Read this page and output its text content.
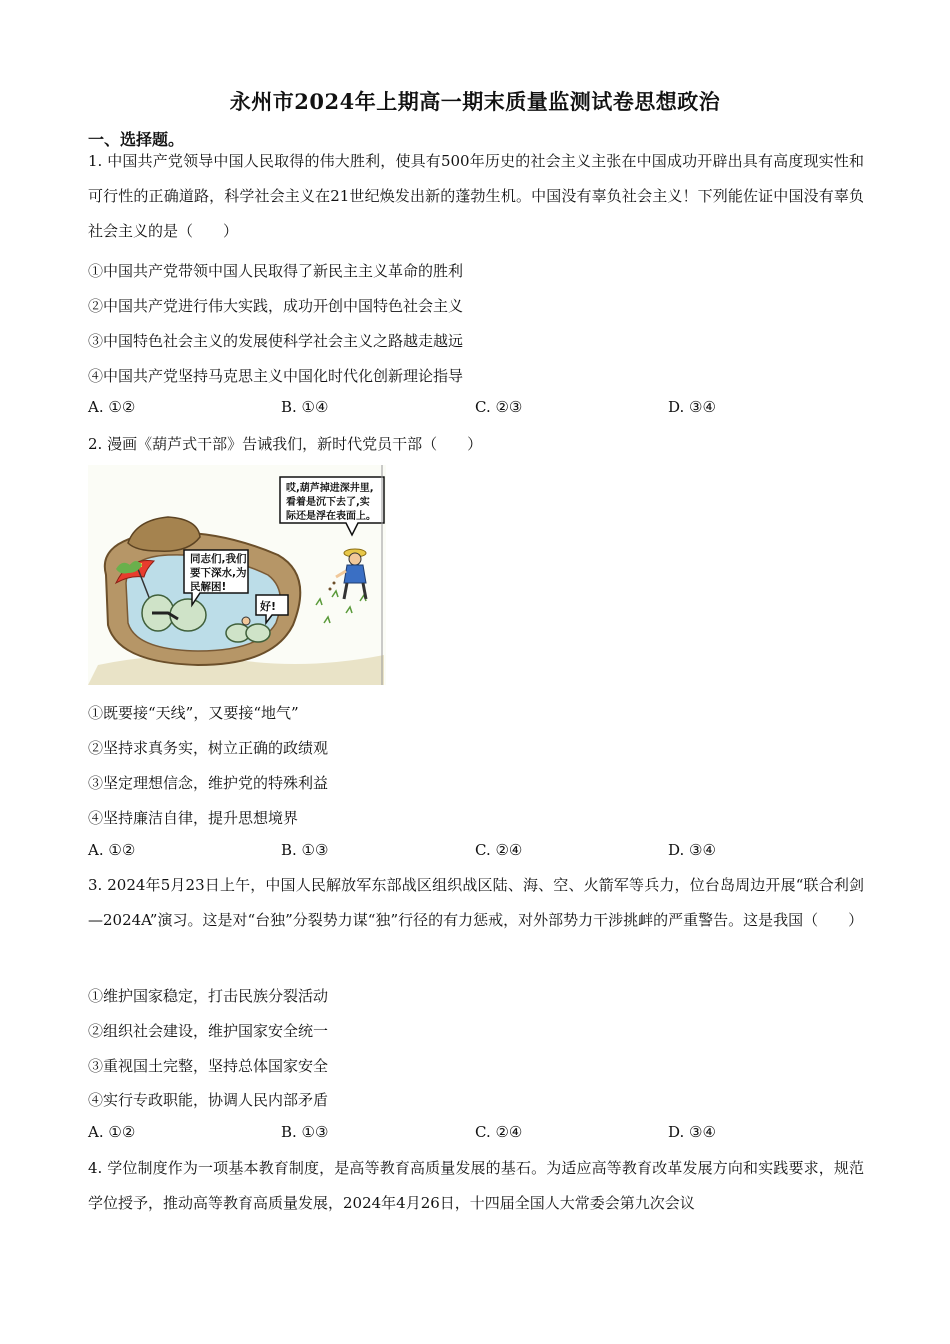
永州市2024年上期高一期末质量监测试卷思想政治
一、选择题。
1. 中国共产党领导中国人民取得的伟大胜利，使具有500年历史的社会主义主张在中国成功开辟出具有高度现实性和可行性的正确道路，科学社会主义在21世纪焕发出新的蓬勃生机。中国没有辜负社会主义！下列能佐证中国没有辜负社会主义的是（　　）
①中国共产党带领中国人民取得了新民主主义革命的胜利
②中国共产党进行伟大实践，成功开创中国特色社会主义
③中国特色社会主义的发展使科学社会主义之路越走越远
④中国共产党坚持马克思主义中国化时代化创新理论指导
A. ①②	B. ①④	C. ②③	D. ③④
2. 漫画《葫芦式干部》告诫我们，新时代党员干部（　　）
同志们,我们
要下深水,为
民解困!
好!
哎,葫芦掉进深井里,
看着是沉下去了,实
际还是浮在表面上。
①既要接“天线”，又要接“地气”
②坚持求真务实，树立正确的政绩观
③坚定理想信念，维护党的特殊利益
④坚持廉洁自律，提升思想境界
A. ①②	B. ①③	C. ②④	D. ③④
3. 2024年5月23日上午，中国人民解放军东部战区组织战区陆、海、空、火箭军等兵力，位台岛周边开展“联合利剑—2024A”演习。这是对“台独”分裂势力谋“独”行径的有力惩戒，对外部势力干涉挑衅的严重警告。这是我国（　　）
①维护国家稳定，打击民族分裂活动
②组织社会建设，维护国家安全统一
③重视国土完整，坚持总体国家安全
④实行专政职能，协调人民内部矛盾
A. ①②	B. ①③	C. ②④	D. ③④
4. 学位制度作为一项基本教育制度，是高等教育高质量发展的基石。为适应高等教育改革发展方向和实践要求，规范学位授予，推动高等教育高质量发展，2024年4月26日，十四届全国人大常委会第九次会议
